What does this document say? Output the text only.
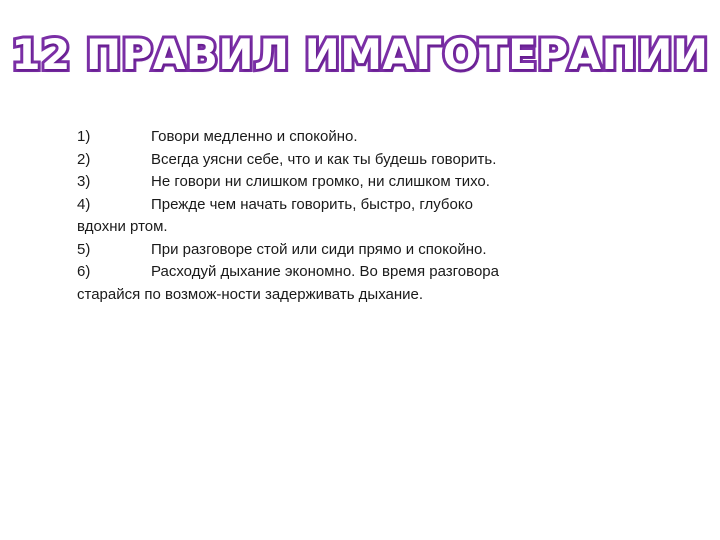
12 ПРАВИЛ ИМАГОТЕРАПИИ
1)	Говори медленно и спокойно.
2)	Всегда уясни себе, что и как ты будешь говорить.
3)	Не говори ни слишком громко, ни слишком тихо.
4)	Прежде чем начать говорить, быстро, глубоко вдохни ртом.
5)	При разговоре стой или сиди прямо и спокойно.
6)	Расходуй дыхание экономно. Во время разговора старайся по возмож-ности задерживать дыхание.
